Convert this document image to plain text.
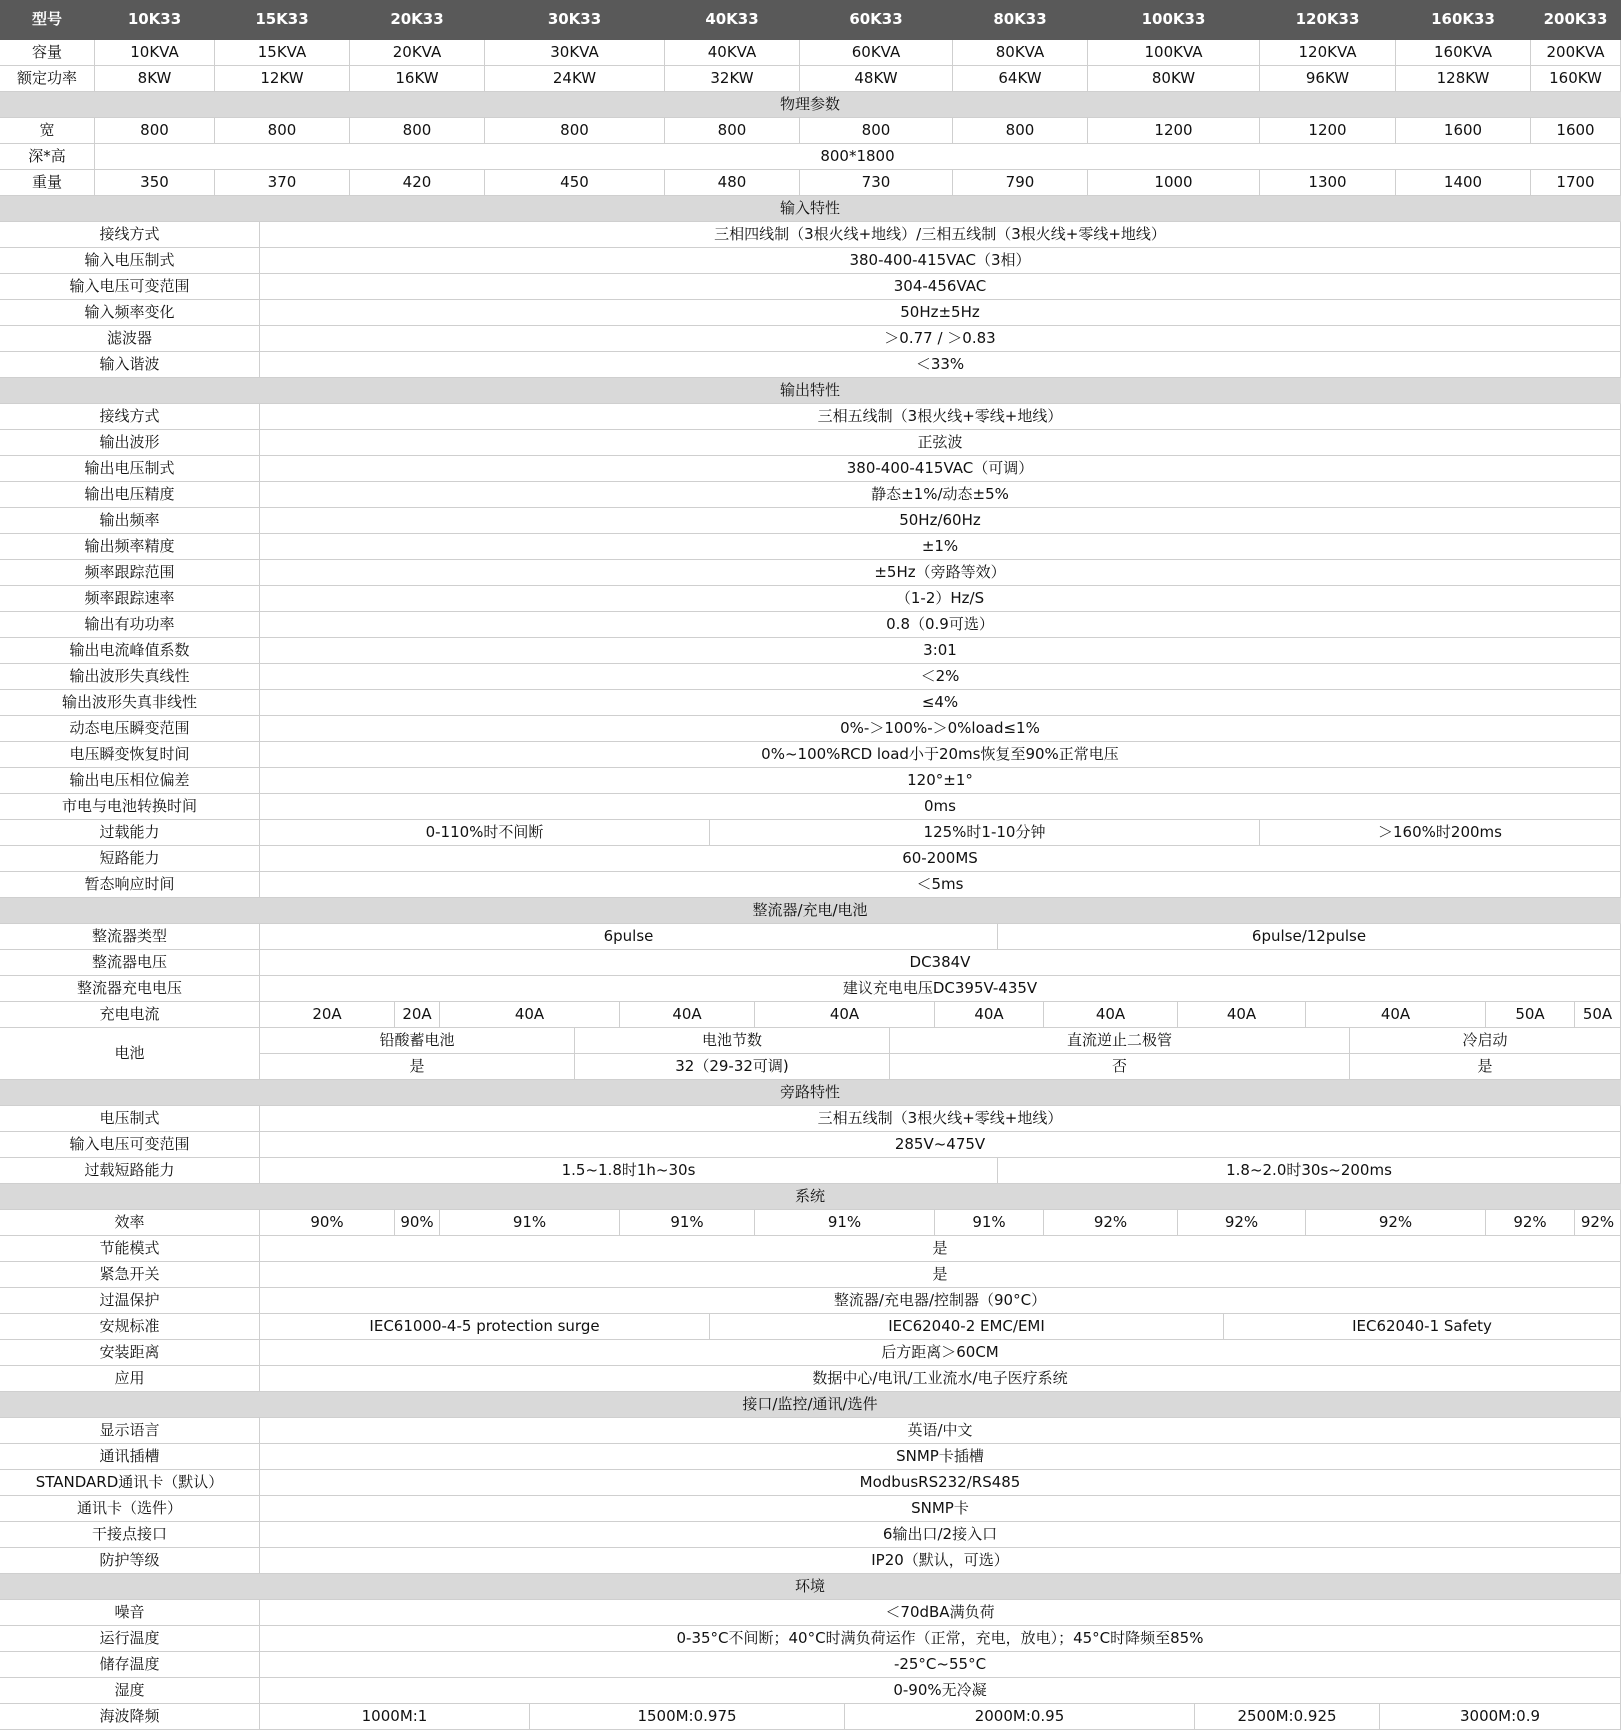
型号	10K33	15K33	20K33	30K33	40K33	60K33	80K33	100K33	120K33	160K33	200K33
容量	10KVA	15KVA	20KVA	30KVA	40KVA	60KVA	80KVA	100KVA	120KVA	160KVA	200KVA
额定功率	8KW	12KW	16KW	24KW	32KW	48KW	64KW	80KW	96KW	128KW	160KW
物理参数
宽	800	800	800	800	800	800	800	1200	1200	1600	1600
深*高	800*1800
重量	350	370	420	450	480	730	790	1000	1300	1400	1700
输入特性
接线方式	三相四线制（3根火线+地线）/三相五线制（3根火线+零线+地线）
输入电压制式	380-400-415VAC（3相）
输入电压可变范围	304-456VAC
输入频率变化	50Hz±5Hz
滤波器	＞0.77 / ＞0.83
输入谐波	＜33%
输出特性
接线方式	三相五线制（3根火线+零线+地线）
输出波形	正弦波
输出电压制式	380-400-415VAC（可调）
输出电压精度	静态±1%/动态±5%
输出频率	50Hz/60Hz
输出频率精度	±1%
频率跟踪范围	±5Hz（旁路等效）
频率跟踪速率	（1-2）Hz/S
输出有功功率	0.8（0.9可选）
输出电流峰值系数	3:01
输出波形失真线性	＜2%
输出波形失真非线性	≤4%
动态电压瞬变范围	0%-＞100%-＞0%load≤1%
电压瞬变恢复时间	0%~100%RCD load小于20ms恢复至90%正常电压
输出电压相位偏差	120°±1°
市电与电池转换时间	0ms
过载能力	0-110%时不间断	125%时1-10分钟	＞160%时200ms
短路能力	60-200MS
暂态响应时间	＜5ms
整流器/充电/电池
整流器类型	6pulse	6pulse/12pulse
整流器电压	DC384V
整流器充电电压	建议充电电压DC395V-435V
充电电流	20A	20A	40A	40A	40A	40A	40A	40A	40A	50A	50A
电池
铅酸蓄电池	电池节数	直流逆止二极管	冷启动
是	32（29-32可调)	否	是
旁路特性
电压制式	三相五线制（3根火线+零线+地线）
输入电压可变范围	285V~475V
过载短路能力	1.5~1.8时1h~30s	1.8~2.0时30s~200ms
系统
效率	90%	90%	91%	91%	91%	91%	92%	92%	92%	92%	92%
节能模式	是
紧急开关	是
过温保护	整流器/充电器/控制器（90°C）
安规标准	IEC61000-4-5 protection surge	IEC62040-2 EMC/EMI	IEC62040-1 Safety
安装距离	后方距离＞60CM
应用	数据中心/电讯/工业流水/电子医疗系统
接口/监控/通讯/选件
显示语言	英语/中文
通讯插槽	SNMP卡插槽
STANDARD通讯卡（默认）	ModbusRS232/RS485
通讯卡（选件）	SNMP卡
干接点接口	6输出口/2接入口
防护等级	IP20（默认，可选）
环境
噪音	＜70dBA满负荷
运行温度	0-35°C不间断；40°C时满负荷运作（正常，充电，放电）；45°C时降频至85%
储存温度	-25°C~55°C
湿度	0-90%无冷凝
海波降频	1000M:1	1500M:0.975	2000M:0.95	2500M:0.925	3000M:0.9
